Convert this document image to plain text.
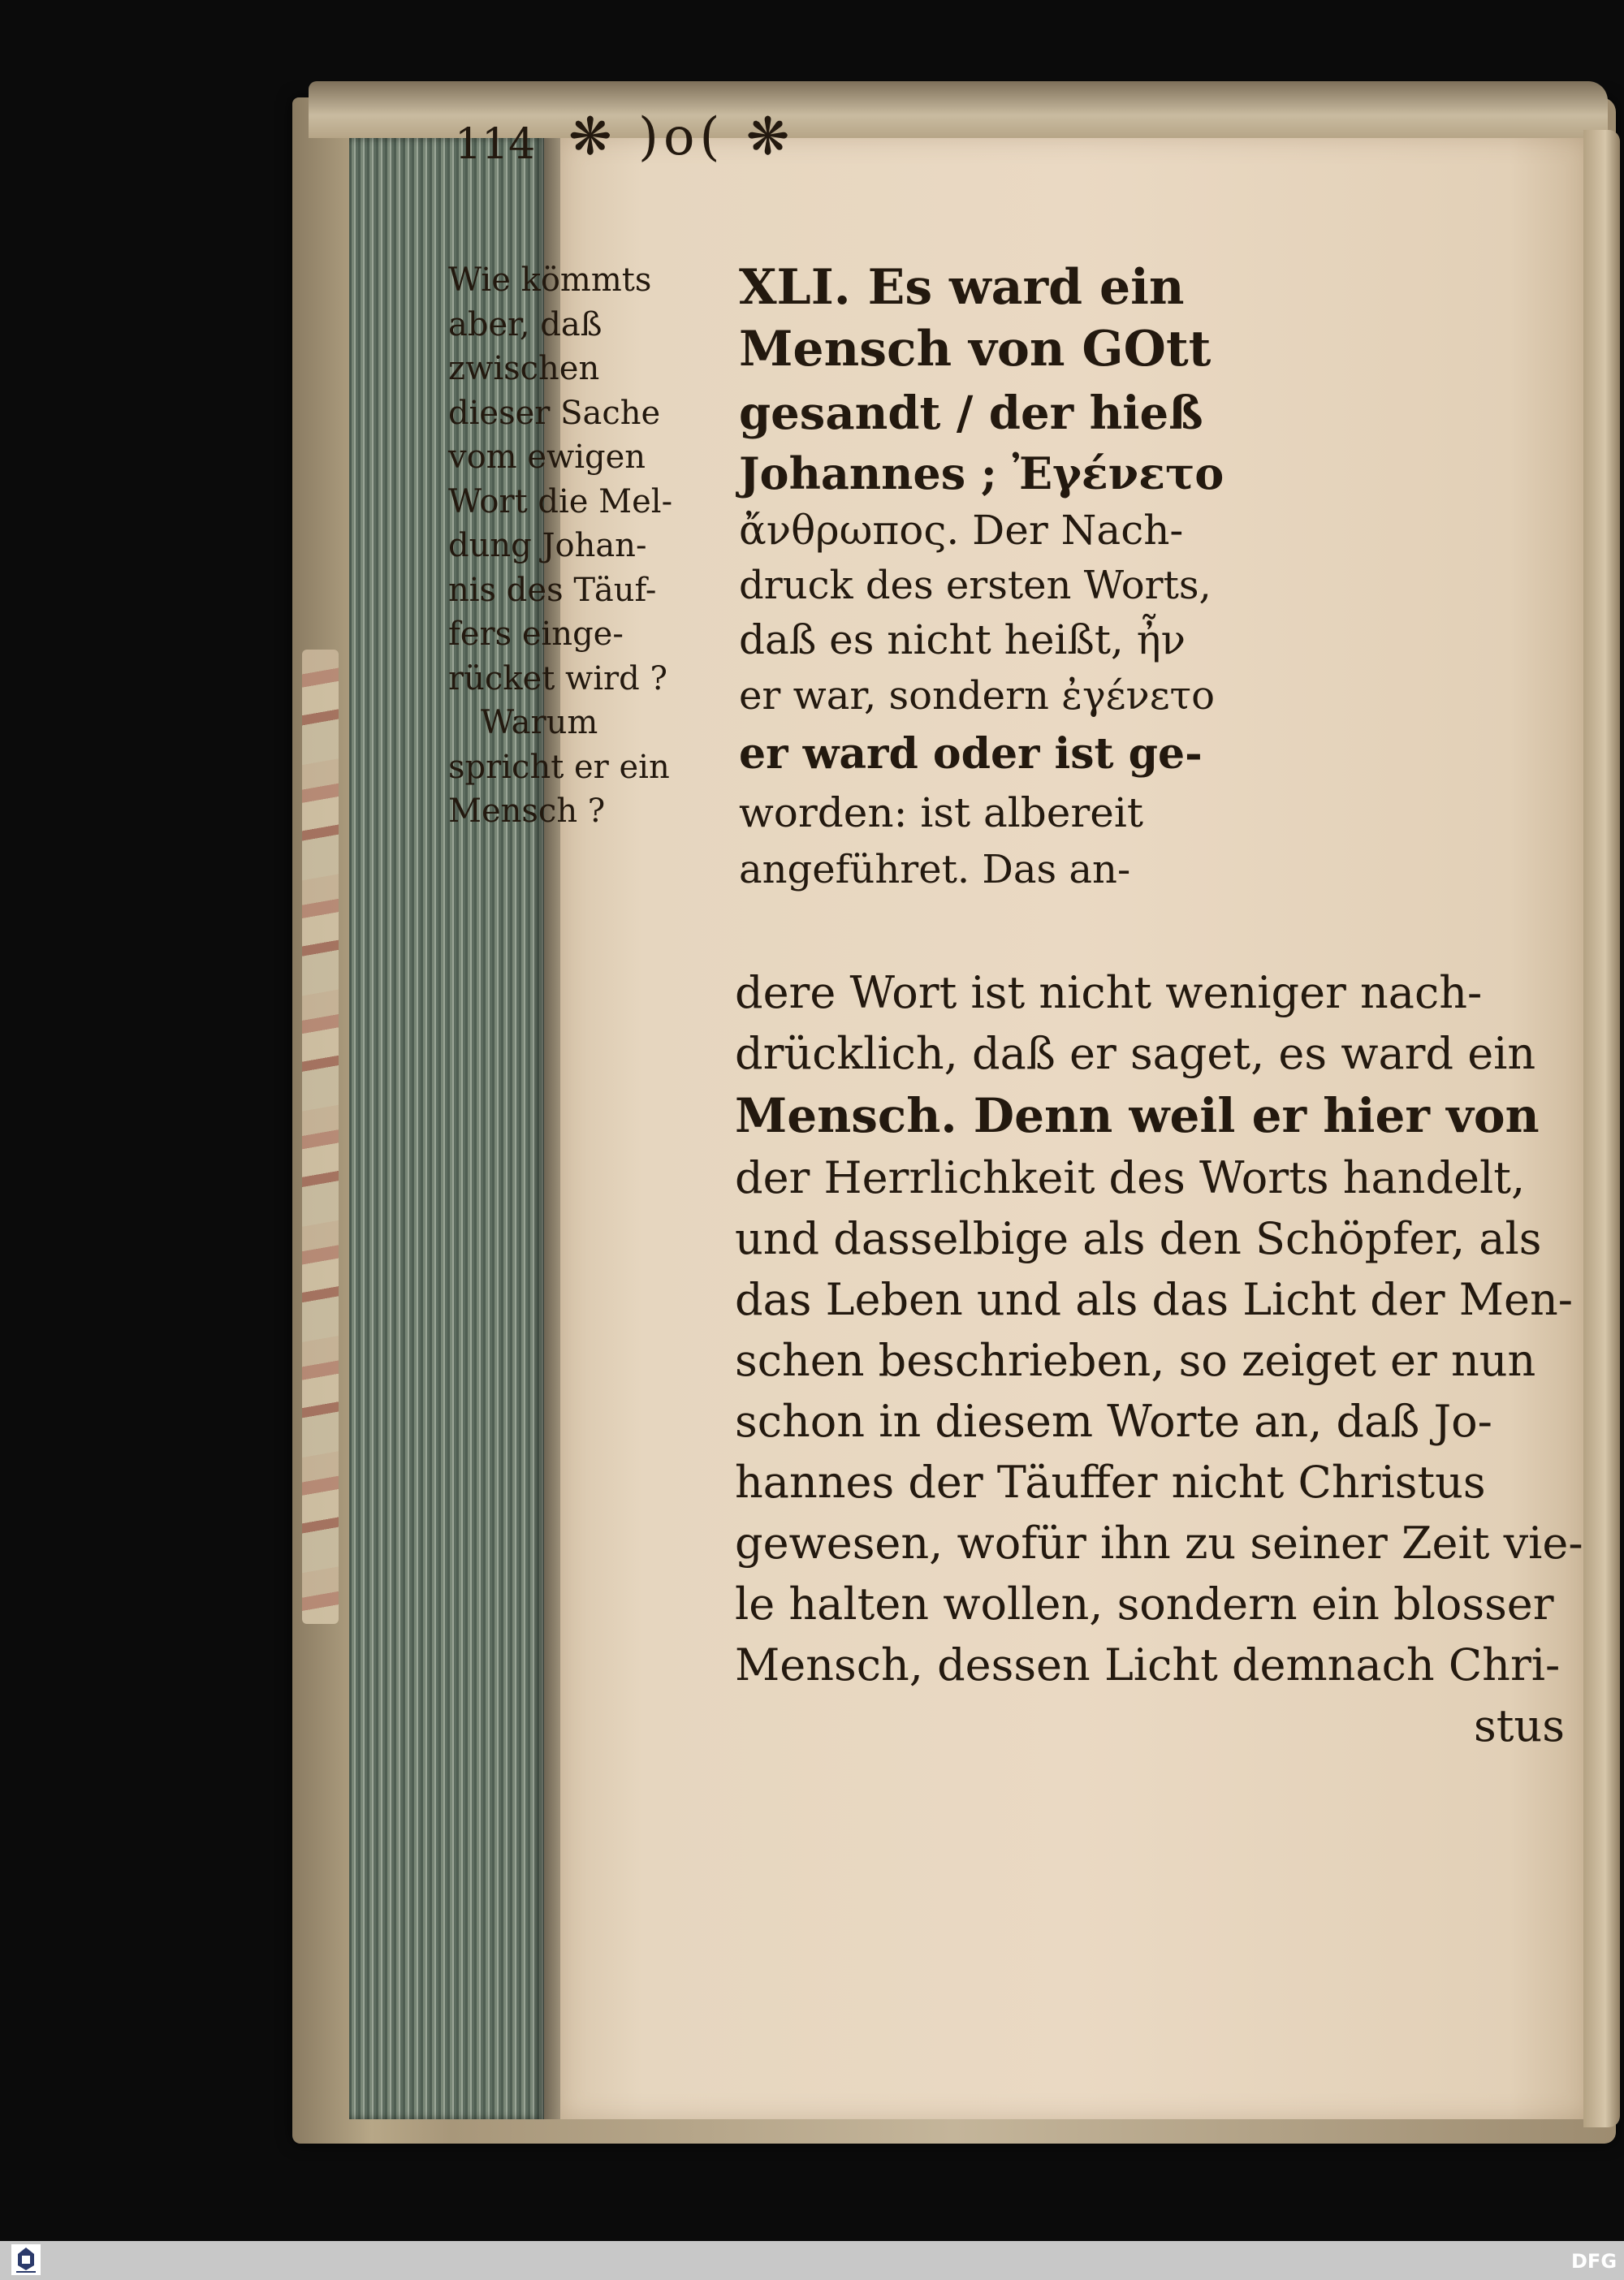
114 ❋ )o( ❋
Wie kömmts
aber, daß
zwischen
dieser Sache
vom ewigen
Wort die Mel-
dung Johan-
nis des Täuf-
fers einge-
rücket wird ?
Warum
spricht er ein
Mensch ?
XLI. Es ward ein
Mensch von GOtt
gesandt / der hieß
Johannes ; Ἐγένετο
ἄνθρωπος. Der Nach-
druck des ersten Worts,
daß es nicht heißt, ἦν
er war, sondern ἐγένετο
er ward oder ist ge-
worden: ist albereit
angeführet. Das an-
dere Wort ist nicht weniger nach-
drücklich, daß er saget, es ward ein
Mensch. Denn weil er hier von
der Herrlichkeit des Worts handelt,
und dasselbige als den Schöpfer, als
das Leben und als das Licht der Men-
schen beschrieben, so zeiget er nun
schon in diesem Worte an, daß Jo-
hannes der Täuffer nicht Christus
gewesen, wofür ihn zu seiner Zeit vie-
le halten wollen, sondern ein blosser
Mensch, dessen Licht demnach Chri-
stus
DFG
